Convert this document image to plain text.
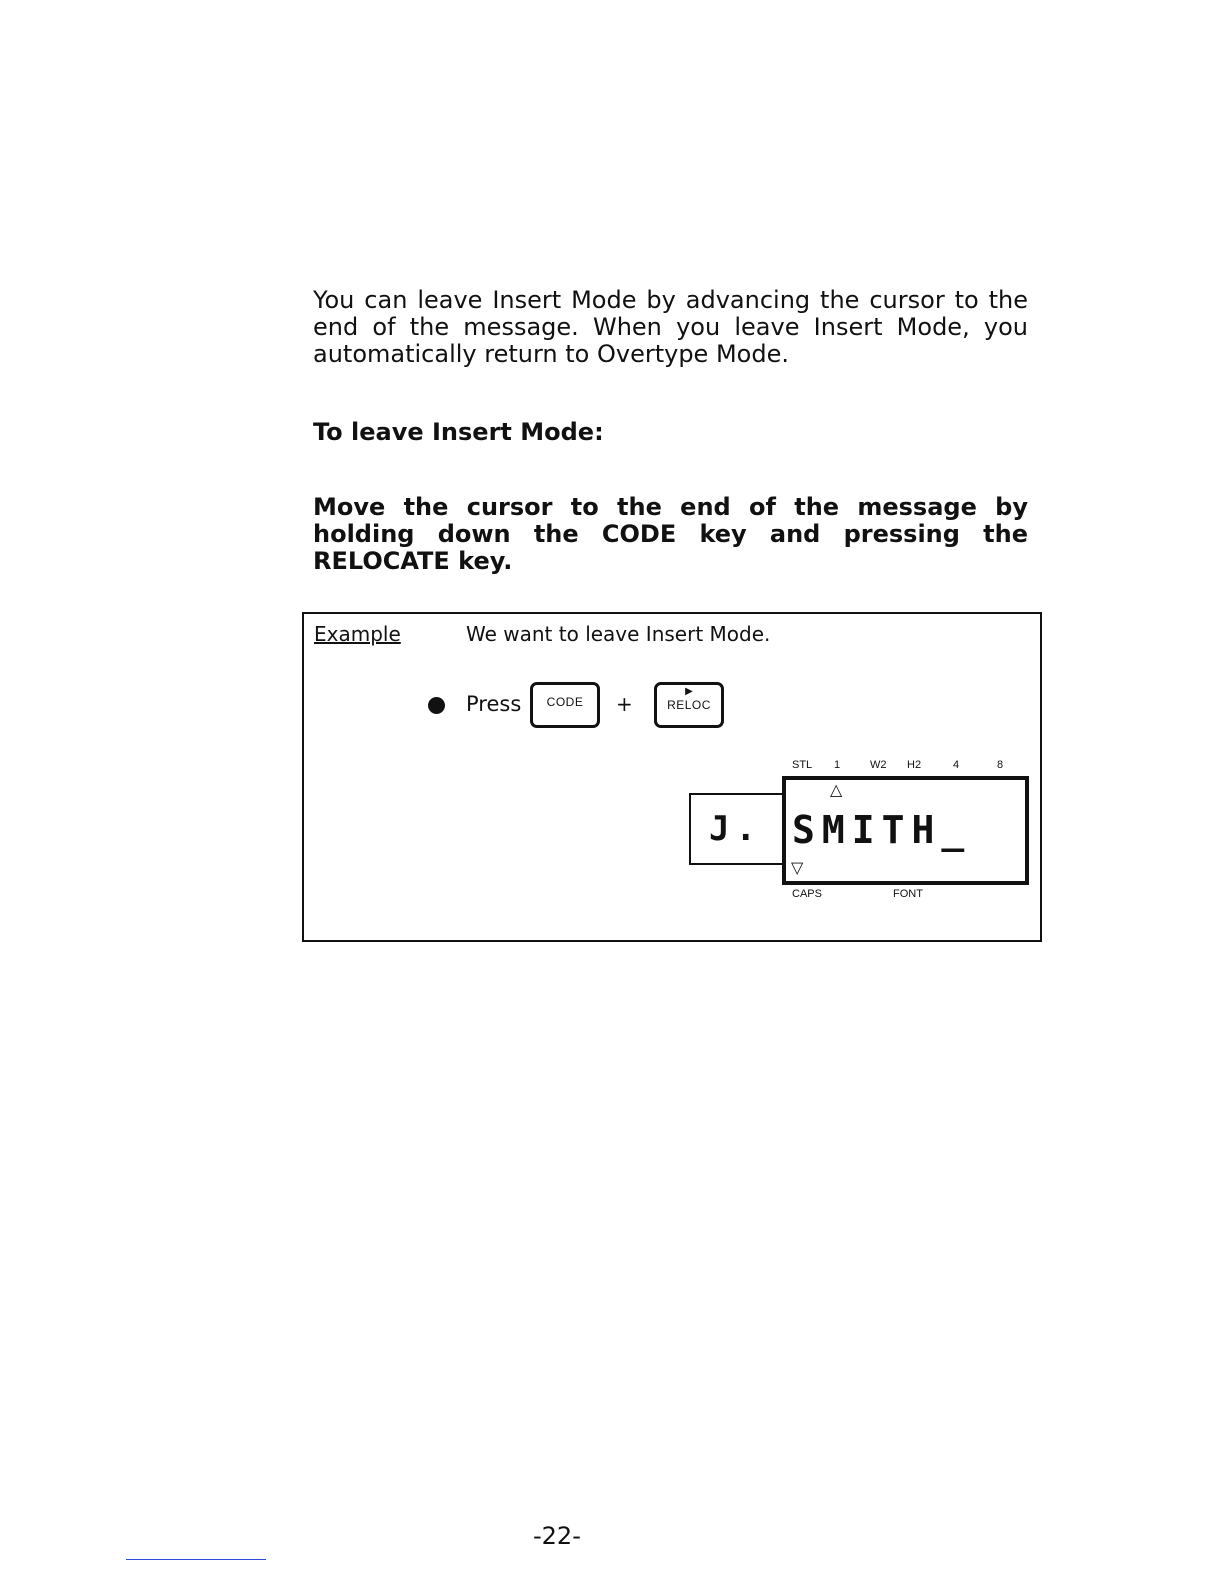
You can leave Insert Mode by advancing the cursor to the end of the message. When you leave Insert Mode, you automatically return to Overtype Mode.

To leave Insert Mode:

Move the cursor to the end of the message by holding down the CODE key and pressing the RELOCATE key.

Example	We want to leave Insert Mode.
Press	CODE	+
▶
RELOC
STL 1	W2 H2	4	8
J.
△
SMITH_
▽
CAPS	FONT
-22-
